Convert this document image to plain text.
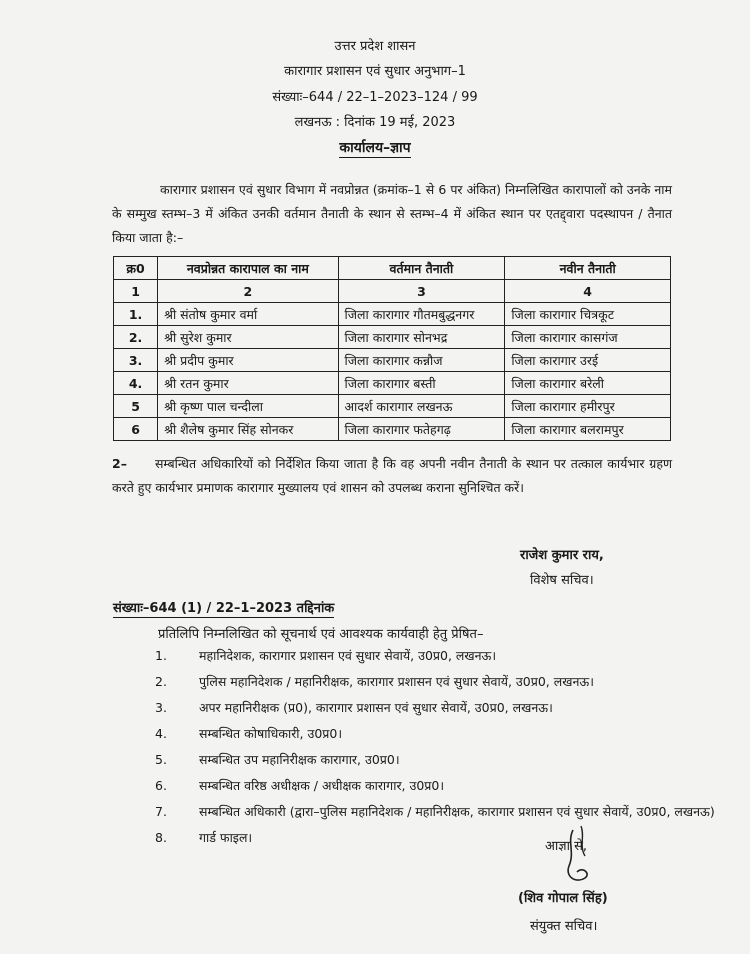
उत्तर प्रदेश शासन
कारागार प्रशासन एवं सुधार अनुभाग–1
संख्याः–644 / 22–1–2023–124 / 99
लखनऊ : दिनांक 19 मई, 2023
कार्यालय–ज्ञाप
कारागार प्रशासन एवं सुधार विभाग में नवप्रोन्नत (क्रमांक–1 से 6 पर अंकित) निम्नलिखित कारापालों को उनके नाम के सम्मुख स्तम्भ–3 में अंकित उनकी वर्तमान तैनाती के स्थान से स्तम्भ–4 में अंकित स्थान पर एतद्द्वारा पदस्थापन / तैनात किया जाता है:–
क्र0	नवप्रोन्नत कारापाल का नाम	वर्तमान तैनाती	नवीन तैनाती
1	2	3	4
1.	श्री संतोष कुमार वर्मा	जिला कारागार गौतमबुद्धनगर	जिला कारागार चित्रकूट
2.	श्री सुरेश कुमार	जिला कारागार सोनभद्र	जिला कारागार कासगंज
3.	श्री प्रदीप कुमार	जिला कारागार कन्नौज	जिला कारागार उरई
4.	श्री रतन कुमार	जिला कारागार बस्ती	जिला कारागार बरेली
5	श्री कृष्ण पाल चन्दीला	आदर्श कारागार लखनऊ	जिला कारागार हमीरपुर
6	श्री शैलेष कुमार सिंह सोनकर	जिला कारागार फतेहगढ़	जिला कारागार बलरामपुर
2– सम्बन्धित अधिकारियों को निर्देशित किया जाता है कि वह अपनी नवीन तैनाती के स्थान पर तत्काल कार्यभार ग्रहण करते हुए कार्यभार प्रमाणक कारागार मुख्यालय एवं शासन को उपलब्ध कराना सुनिश्चित करें।
राजेश कुमार राय,
विशेष सचिव।
संख्याः–644 (1) / 22–1–2023 तद्दिनांक
प्रतिलिपि निम्नलिखित को सूचनार्थ एवं आवश्यक कार्यवाही हेतु प्रेषित–
1.	महानिदेशक, कारागार प्रशासन एवं सुधार सेवायें, उ0प्र0, लखनऊ।
2.	पुलिस महानिदेशक / महानिरीक्षक, कारागार प्रशासन एवं सुधार सेवायें, उ0प्र0, लखनऊ।
3.	अपर महानिरीक्षक (प्र0), कारागार प्रशासन एवं सुधार सेवायें, उ0प्र0, लखनऊ।
4.	सम्बन्धित कोषाधिकारी, उ0प्र0।
5.	सम्बन्धित उप महानिरीक्षक कारागार, उ0प्र0।
6.	सम्बन्धित वरिष्ठ अधीक्षक / अधीक्षक कारागार, उ0प्र0।
7.	सम्बन्धित अधिकारी (द्वारा–पुलिस महानिदेशक / महानिरीक्षक, कारागार प्रशासन एवं सुधार सेवायें, उ0प्र0, लखनऊ)
8.	गार्ड फाइल।
आज्ञा से,
(शिव गोपाल सिंह)
संयुक्त सचिव।
